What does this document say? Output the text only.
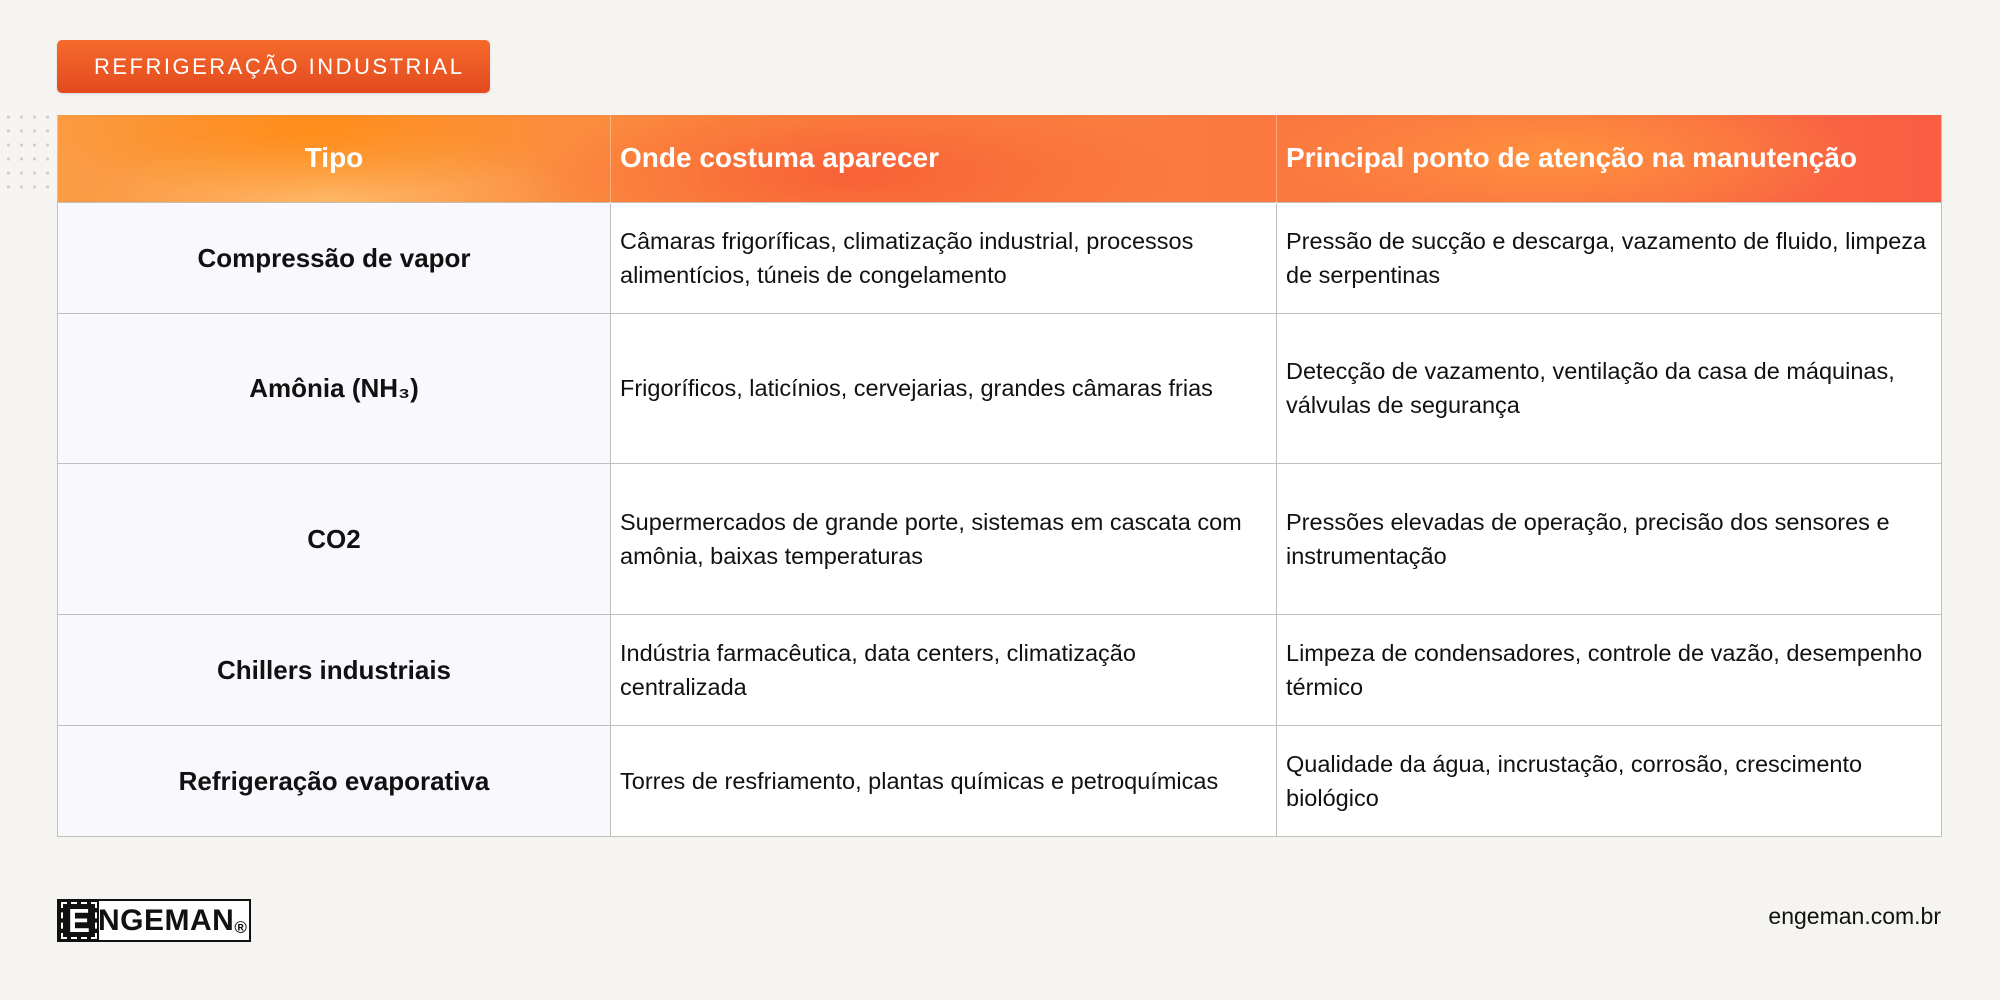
REFRIGERAÇÃO INDUSTRIAL
Tipo	Onde costuma aparecer	Principal ponto de atenção na manutenção
Compressão de vapor	Câmaras frigoríficas, climatização industrial, processos alimentícios, túneis de congelamento	Pressão de sucção e descarga, vazamento de fluido, limpeza de serpentinas
Amônia (NH₃)	Frigoríficos, laticínios, cervejarias, grandes câmaras frias	Detecção de vazamento, ventilação da casa de máquinas, válvulas de segurança
CO2	Supermercados de grande porte, sistemas em cascata com amônia, baixas temperaturas	Pressões elevadas de operação, precisão dos sensores e instrumentação
Chillers industriais	Indústria farmacêutica, data centers, climatização centralizada	Limpeza de condensadores, controle de vazão, desempenho térmico
Refrigeração evaporativa	Torres de resfriamento, plantas químicas e petroquímicas	Qualidade da água, incrustação, corrosão, crescimento biológico
E NGEMAN ®	engeman.com.br
